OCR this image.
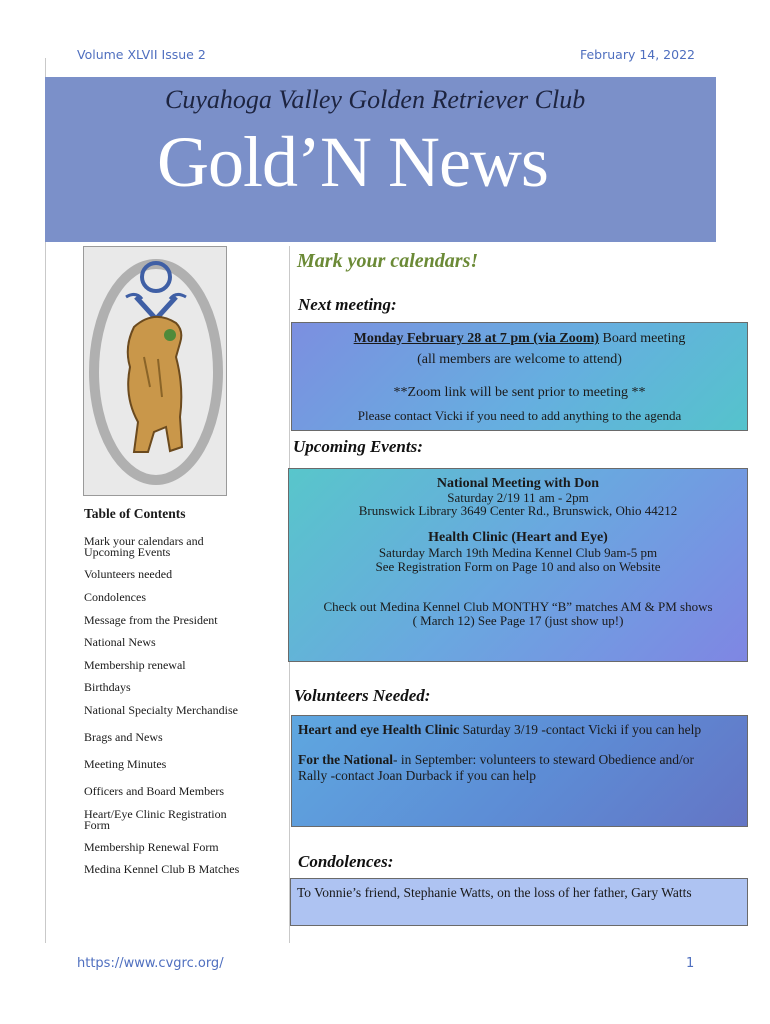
Volume XLVII Issue 2	February 14, 2022
Cuyahoga Valley Golden Retriever Club
Gold’N News
Table of Contents
Mark your calendars and
Upcoming Events
Volunteers needed
Condolences
Message from the President
National News
Membership renewal
Birthdays
National Specialty Merchandise
Brags and News
Meeting Minutes
Officers and Board Members
Heart/Eye Clinic Registration
Form
Membership Renewal Form
Medina Kennel Club B Matches
Mark your calendars!
Next meeting:
Monday February 28 at 7 pm (via Zoom) Board meeting
(all members are welcome to attend)
**Zoom link will be sent prior to meeting **
Please contact Vicki if you need to add anything to the agenda
Upcoming Events:
National Meeting with Don
Saturday 2/19 11 am - 2pm
Brunswick Library 3649 Center Rd., Brunswick, Ohio 44212
Health Clinic (Heart and Eye)
Saturday March 19th Medina Kennel Club 9am-5 pm
See Registration Form on Page 10 and also on Website
Check out Medina Kennel Club MONTHY “B” matches AM & PM shows
( March 12) See Page 17 (just show up!)
Volunteers Needed:
Heart and eye Health Clinic Saturday 3/19 -contact Vicki if you can help
For the National- in September: volunteers to steward Obedience and/or
Rally -contact Joan Durback if you can help
Condolences:
To Vonnie’s friend, Stephanie Watts, on the loss of her father, Gary Watts
https://www.cvgrc.org/	1
